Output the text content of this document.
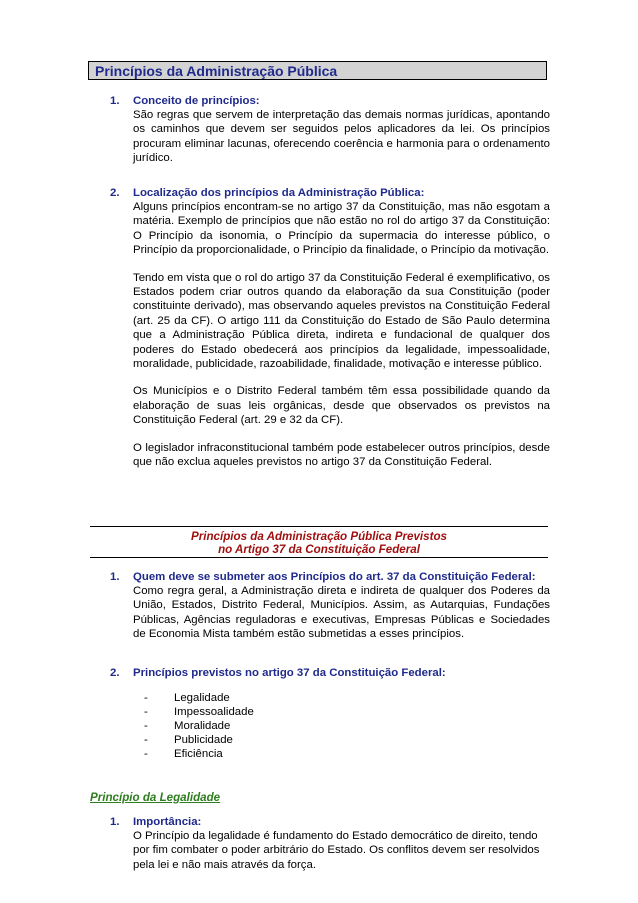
Princípios da Administração Pública
1. Conceito de princípios:
São regras que servem de interpretação das demais normas jurídicas, apontando os caminhos que devem ser seguidos pelos aplicadores da lei. Os princípios procuram eliminar lacunas, oferecendo coerência e harmonia para o ordenamento jurídico.
2. Localização dos princípios da Administração Pública:
Alguns princípios encontram-se no artigo 37 da Constituição, mas não esgotam a matéria. Exemplo de princípios que não estão no rol do artigo 37 da Constituição: O Princípio da isonomia, o Princípio da supermacia do interesse público, o Princípio da proporcionalidade, o Princípio da finalidade, o Princípio da motivação.
Tendo em vista que o rol do artigo 37 da Constituição Federal é exemplificativo, os Estados podem criar outros quando da elaboração da sua Constituição (poder constituinte derivado), mas observando aqueles previstos na Constituição Federal (art. 25 da CF). O artigo 111 da Constituição do Estado de São Paulo determina que a Administração Pública direta, indireta e fundacional de qualquer dos poderes do Estado obedecerá aos princípios da legalidade, impessoalidade, moralidade, publicidade, razoabilidade, finalidade, motivação e interesse público.
Os Municípios e o Distrito Federal também têm essa possibilidade quando da elaboração de suas leis orgânicas, desde que observados os previstos na Constituição Federal (art. 29 e 32 da CF).
O legislador infraconstitucional também pode estabelecer outros princípios, desde que não exclua aqueles previstos no artigo 37 da Constituição Federal.
Princípios da Administração Pública Previstos
no Artigo 37 da Constituição Federal
1. Quem deve se submeter aos Princípios do art. 37 da Constituição Federal:
Como regra geral, a Administração direta e indireta de qualquer dos Poderes da União, Estados, Distrito Federal, Municípios. Assim, as Autarquias, Fundações Públicas, Agências reguladoras e executivas, Empresas Públicas e Sociedades de Economia Mista também estão submetidas a esses princípios.
2. Princípios previstos no artigo 37 da Constituição Federal:
- Legalidade
- Impessoalidade
- Moralidade
- Publicidade
- Eficiência
Princípio da Legalidade
1. Importância:
O Princípio da legalidade é fundamento do Estado democrático de direito, tendo por fim combater o poder arbitrário do Estado. Os conflitos devem ser resolvidos pela lei e não mais através da força.
